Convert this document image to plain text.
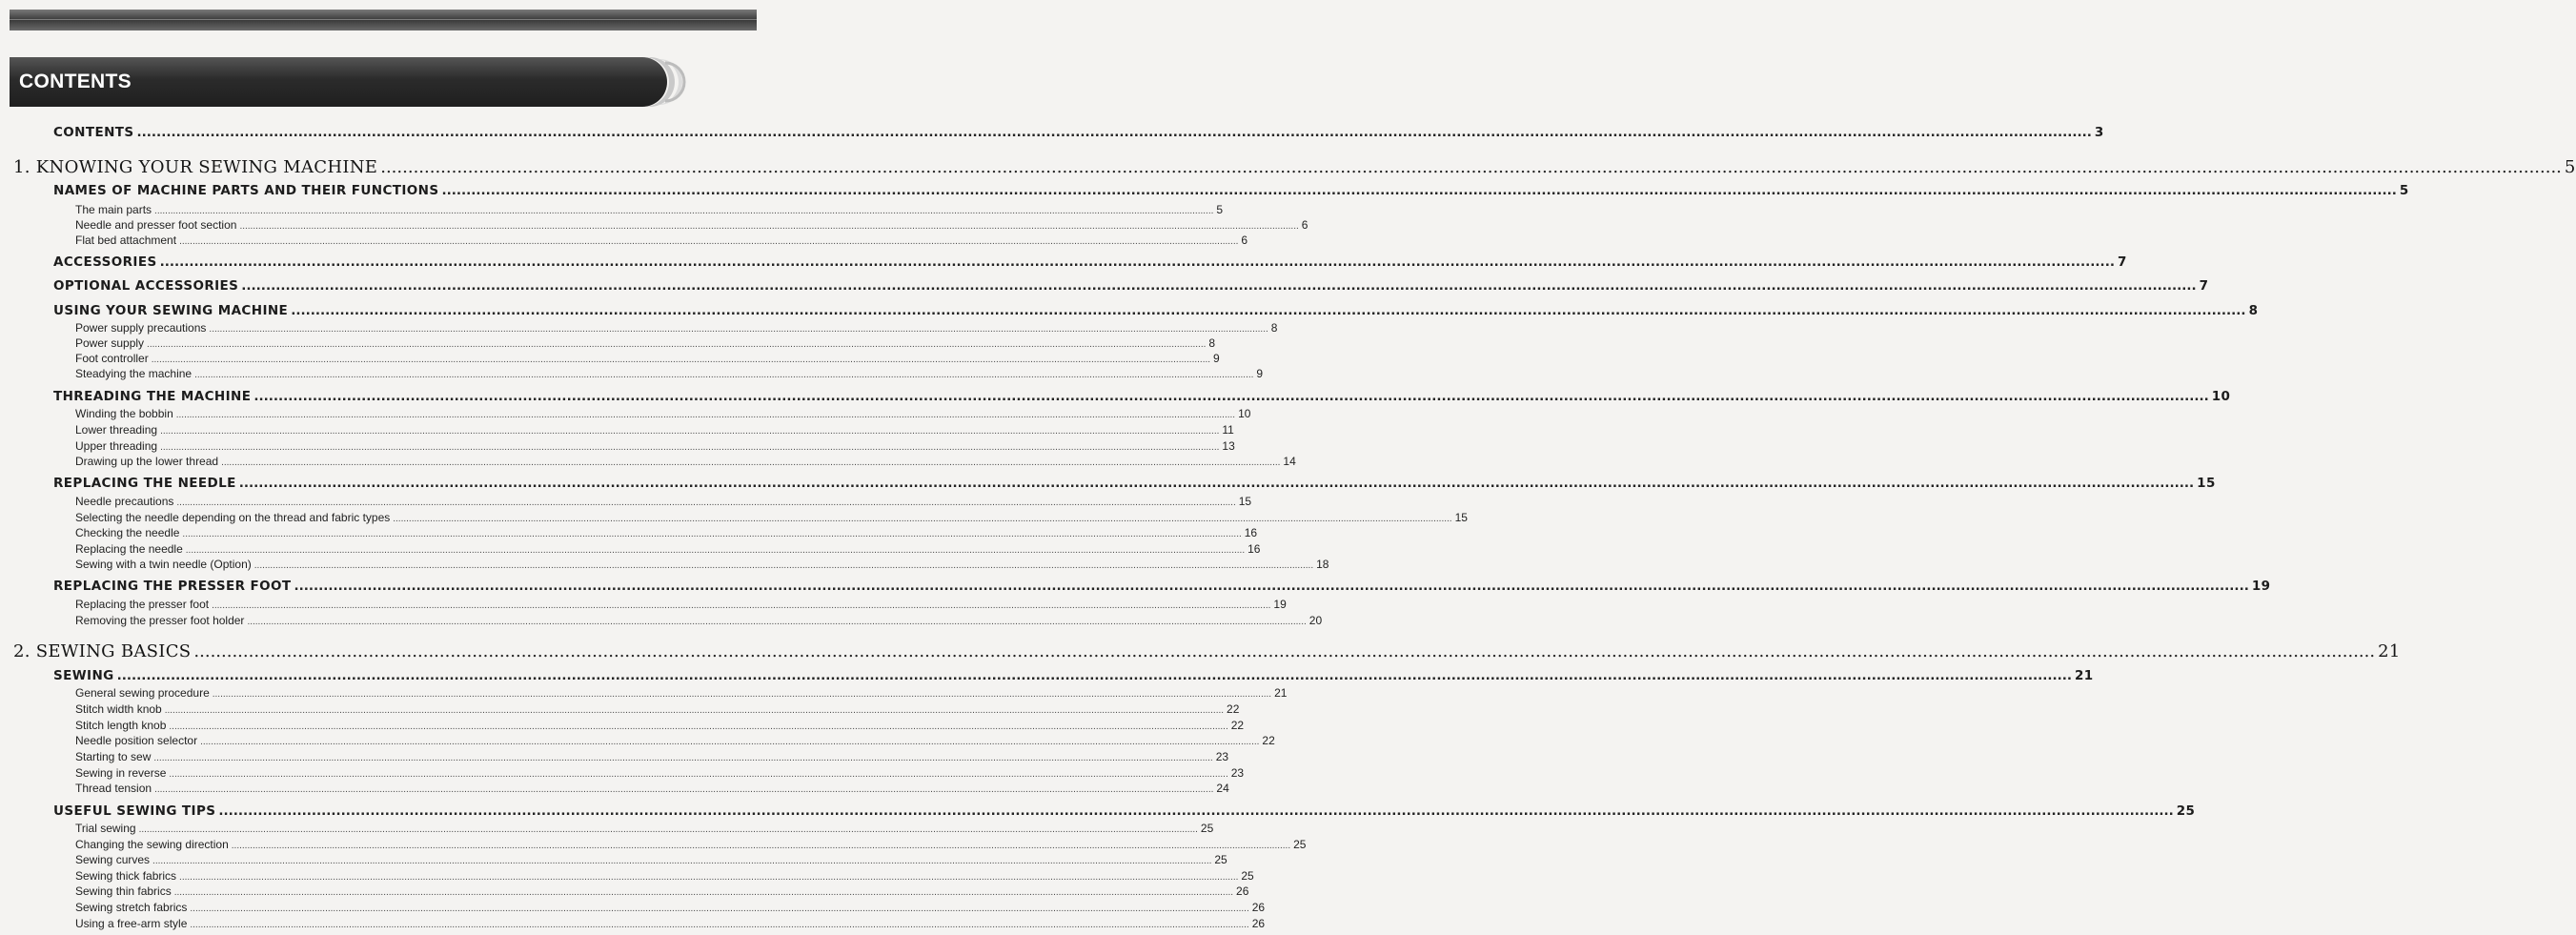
CONTENTS
CONTENTS ................................................................................................................................................................................................................................................................................................................................................................................................................ 3
1. KNOWING YOUR SEWING MACHINE ................................................................................................................................................................................................................................................................................................................................................................................................................ 5
NAMES OF MACHINE PARTS AND THEIR FUNCTIONS ................................................................................................................................................................................................................................................................................................................................................................................................................ 5
The main parts ................................................................................................................................................................................................................................................................................................................................................................................................................ 5
Needle and presser foot section ................................................................................................................................................................................................................................................................................................................................................................................................................ 6
Flat bed attachment ................................................................................................................................................................................................................................................................................................................................................................................................................ 6
ACCESSORIES ................................................................................................................................................................................................................................................................................................................................................................................................................ 7
OPTIONAL ACCESSORIES ................................................................................................................................................................................................................................................................................................................................................................................................................ 7
USING YOUR SEWING MACHINE ................................................................................................................................................................................................................................................................................................................................................................................................................ 8
Power supply precautions ................................................................................................................................................................................................................................................................................................................................................................................................................ 8
Power supply ................................................................................................................................................................................................................................................................................................................................................................................................................ 8
Foot controller ................................................................................................................................................................................................................................................................................................................................................................................................................ 9
Steadying the machine ................................................................................................................................................................................................................................................................................................................................................................................................................ 9
THREADING THE MACHINE ................................................................................................................................................................................................................................................................................................................................................................................................................ 10
Winding the bobbin ................................................................................................................................................................................................................................................................................................................................................................................................................ 10
Lower threading ................................................................................................................................................................................................................................................................................................................................................................................................................ 11
Upper threading ................................................................................................................................................................................................................................................................................................................................................................................................................ 13
Drawing up the lower thread ................................................................................................................................................................................................................................................................................................................................................................................................................ 14
REPLACING THE NEEDLE ................................................................................................................................................................................................................................................................................................................................................................................................................ 15
Needle precautions ................................................................................................................................................................................................................................................................................................................................................................................................................ 15
Selecting the needle depending on the thread and fabric types ................................................................................................................................................................................................................................................................................................................................................................................................................ 15
Checking the needle ................................................................................................................................................................................................................................................................................................................................................................................................................ 16
Replacing the needle ................................................................................................................................................................................................................................................................................................................................................................................................................ 16
Sewing with a twin needle (Option) ................................................................................................................................................................................................................................................................................................................................................................................................................ 18
REPLACING THE PRESSER FOOT ................................................................................................................................................................................................................................................................................................................................................................................................................ 19
Replacing the presser foot ................................................................................................................................................................................................................................................................................................................................................................................................................ 19
Removing the presser foot holder ................................................................................................................................................................................................................................................................................................................................................................................................................ 20
2. SEWING BASICS ................................................................................................................................................................................................................................................................................................................................................................................................................ 21
SEWING ................................................................................................................................................................................................................................................................................................................................................................................................................ 21
General sewing procedure ................................................................................................................................................................................................................................................................................................................................................................................................................ 21
Stitch width knob ................................................................................................................................................................................................................................................................................................................................................................................................................ 22
Stitch length knob ................................................................................................................................................................................................................................................................................................................................................................................................................ 22
Needle position selector ................................................................................................................................................................................................................................................................................................................................................................................................................ 22
Starting to sew ................................................................................................................................................................................................................................................................................................................................................................................................................ 23
Sewing in reverse ................................................................................................................................................................................................................................................................................................................................................................................................................ 23
Thread tension ................................................................................................................................................................................................................................................................................................................................................................................................................ 24
USEFUL SEWING TIPS ................................................................................................................................................................................................................................................................................................................................................................................................................ 25
Trial sewing ................................................................................................................................................................................................................................................................................................................................................................................................................ 25
Changing the sewing direction ................................................................................................................................................................................................................................................................................................................................................................................................................ 25
Sewing curves ................................................................................................................................................................................................................................................................................................................................................................................................................ 25
Sewing thick fabrics ................................................................................................................................................................................................................................................................................................................................................................................................................ 25
Sewing thin fabrics ................................................................................................................................................................................................................................................................................................................................................................................................................ 26
Sewing stretch fabrics ................................................................................................................................................................................................................................................................................................................................................................................................................ 26
Using a free-arm style ................................................................................................................................................................................................................................................................................................................................................................................................................ 26
